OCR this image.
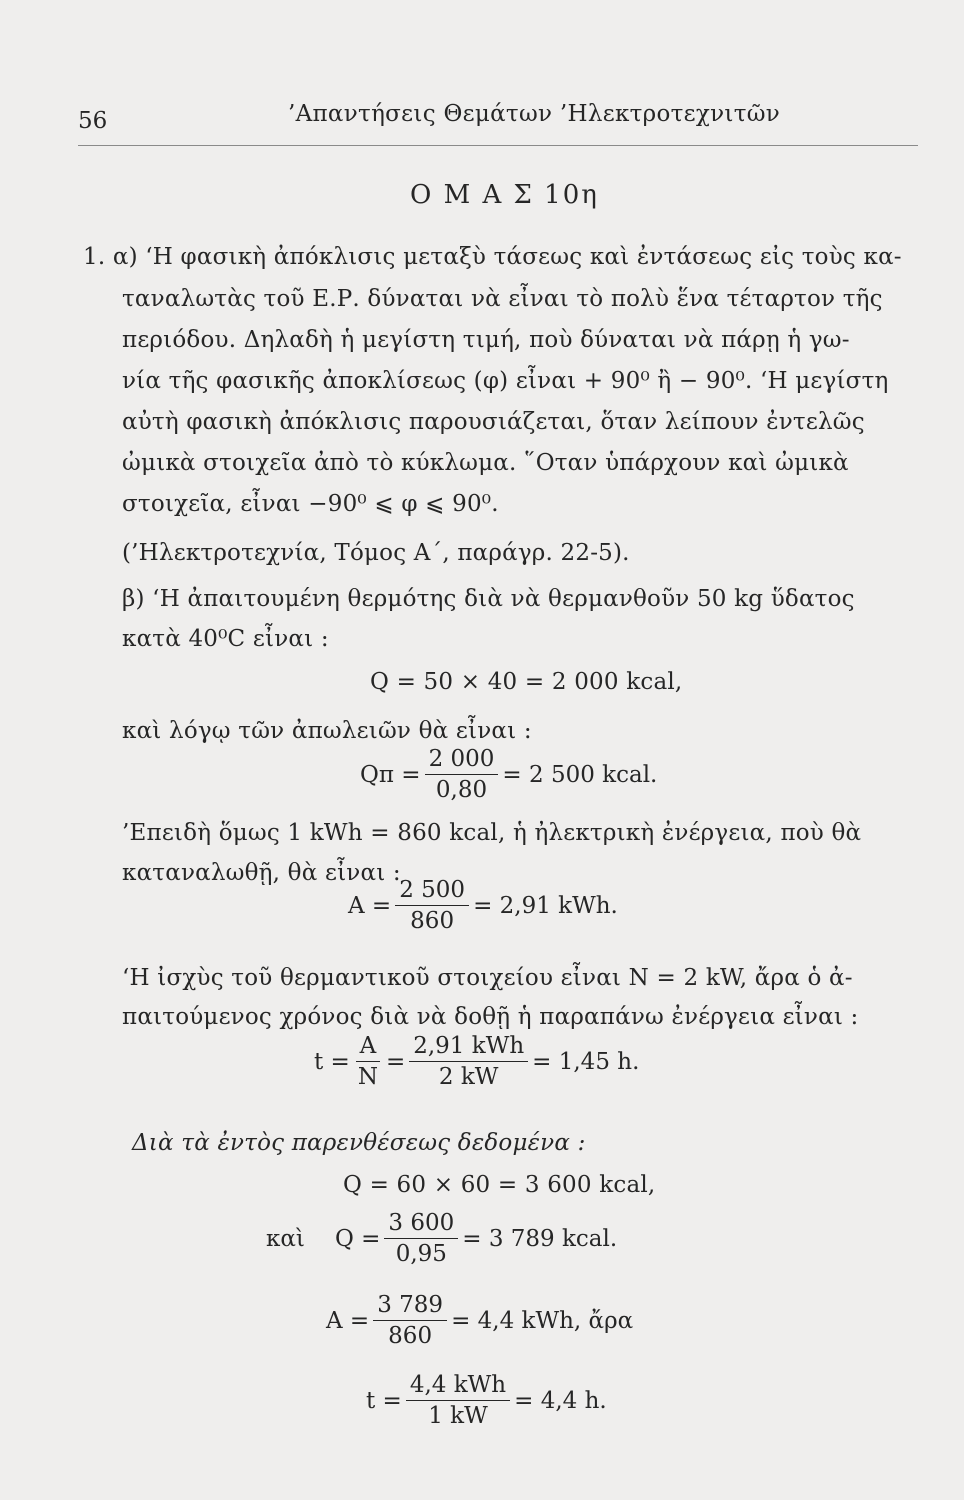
56	’Απαντήσεις Θεμάτων ’Ηλεκτροτεχνιτῶν
Ο Μ Α Σ 10η
1. α) ‘Η φασικὴ ἀπόκλισις μεταξὺ τάσεως καὶ ἐντάσεως εἰς τοὺς κα-
ταναλωτὰς τοῦ Ε.Ρ. δύναται νὰ εἶναι τὸ πολὺ ἕνα τέταρτον τῆς
περιόδου. Δηλαδὴ ἡ μεγίστη τιμή, ποὺ δύναται νὰ πάρῃ ἡ γω-
νία τῆς φασικῆς ἀποκλίσεως (φ) εἶναι + 90⁰ ἢ − 90⁰. ‘Η μεγίστη
αὐτὴ φασικὴ ἀπόκλισις παρουσιάζεται, ὅταν λείπουν ἐντελῶς
ὠμικὰ στοιχεῖα ἀπὸ τὸ κύκλωμα. ῞Οταν ὑπάρχουν καὶ ὠμικὰ
στοιχεῖα, εἶναι −90⁰ ⩽ φ ⩽ 90⁰.
(’Ηλεκτροτεχνία, Τόμος Α΄, παράγρ. 22-5).
β) ‘Η ἀπαιτουμένη θερμότης διὰ νὰ θερμανθοῦν 50 kg ὕδατος
κατὰ 40⁰C εἶναι :
Q = 50 × 40 = 2 000 kcal,
καὶ λόγῳ τῶν ἀπωλειῶν θὰ εἶναι :
$Q\pi = \frac{2 000}{0,80} = 2$ 500 kcal.
’Επειδὴ ὅμως 1 kWh = 860 kcal, ἡ ἠλεκτρικὴ ἐνέργεια, ποὺ θὰ
καταναλωθῇ, θὰ εἶναι :
$A = \frac{2 500}{860} = 2,91$ kWh.
‘Η ἰσχὺς τοῦ θερμαντικοῦ στοιχείου εἶναι N = 2 kW, ἄρα ὁ ἀ-
παιτούμενος χρόνος διὰ νὰ δοθῇ ἡ παραπάνω ἐνέργεια εἶναι :
$t = \frac{A}{N} = \frac{\text{2,91 kWh}}{2 kW} = 1,45$ h.
Διὰ τὰ ἐντὸς παρενθέσεως δεδομένα :
Q = 60 × 60 = 3 600 kcal,
καὶ $Q = \frac{3 600}{0,95} = 3$ 789 kcal.
$A = \frac{3 789}{860} = 4,4$ kWh, ἄρα
$t = \frac{\text{4,4 kWh}}{1 kW} = 4,4$ h.
